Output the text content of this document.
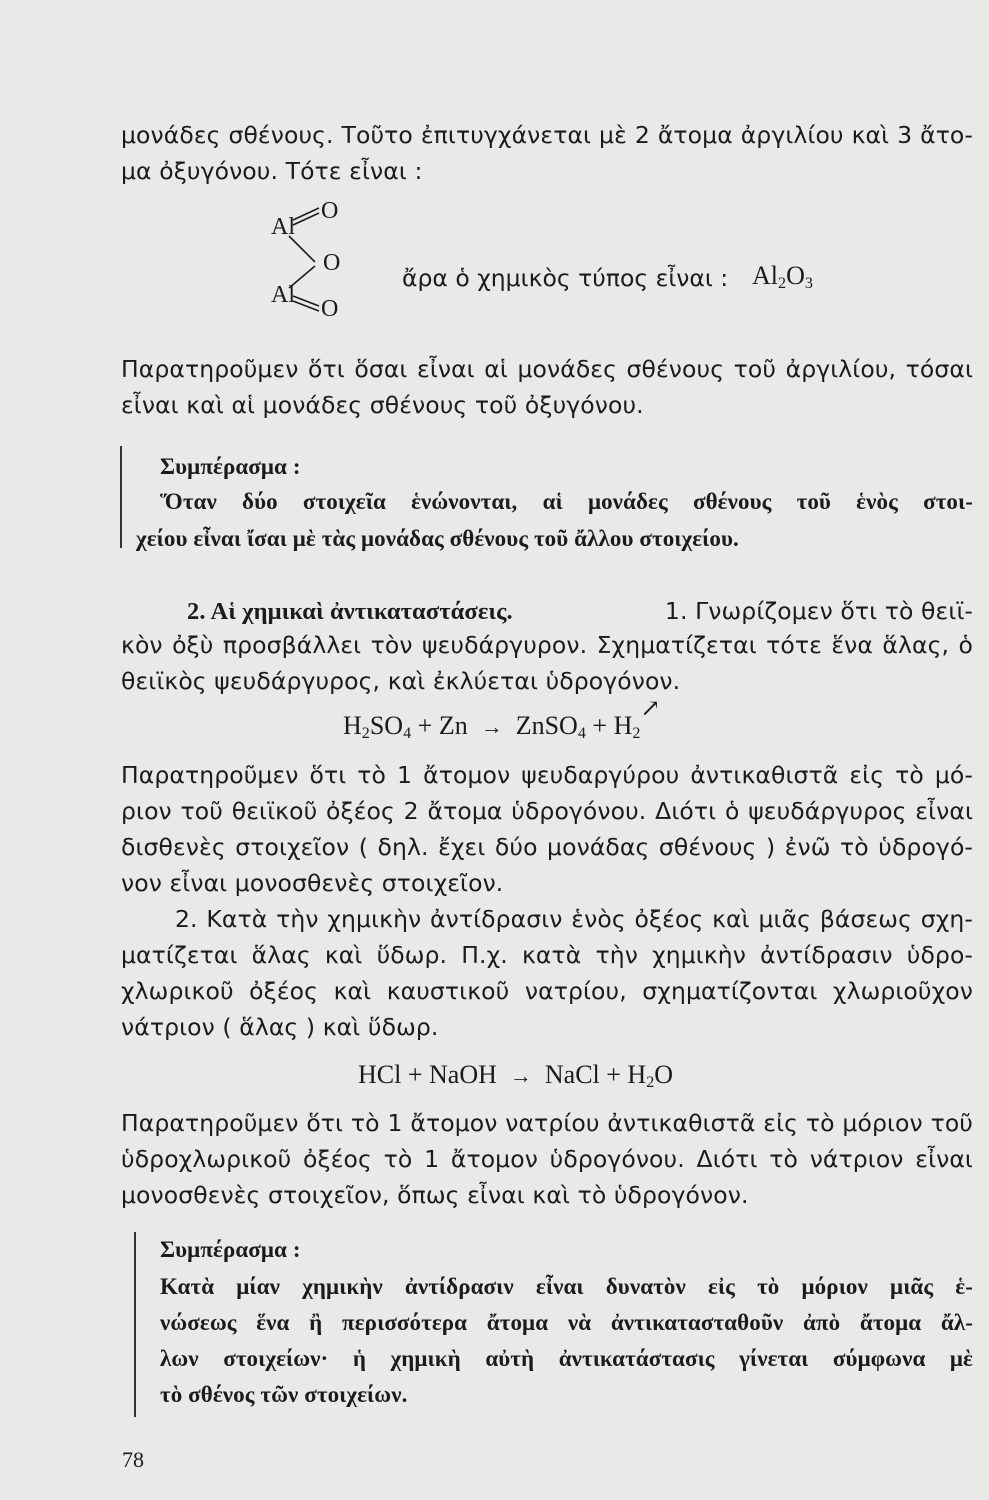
μονάδες σθένους. Τοῦτο ἐπιτυγχάνεται μὲ 2 ἄτομα ἀργιλίου καὶ 3 ἄτο-
μα ὀξυγόνου. Τότε εἶναι :
Al
O
O
Al
O
ἄρα ὁ χημικὸς τύπος εἶναι : $Al_2O_3$
Παρατηροῦμεν ὅτι ὅσαι εἶναι αἱ μονάδες σθένους τοῦ ἀργιλίου, τόσαι
εἶναι καὶ αἱ μονάδες σθένους τοῦ ὀξυγόνου.
Συμπέρασμα :
Ὅταν δύο στοιχεῖα ἑνώνονται, αἱ μονάδες σθένους τοῦ ἑνὸς στοι-
χείου εἶναι ἴσαι μὲ τὰς μονάδας σθένους τοῦ ἄλλου στοιχείου.
2. Αἱ χημικαὶ ἀντικαταστάσεις.	1. Γνωρίζομεν ὅτι τὸ θειϊ-
κὸν ὀξὺ προσβάλλει τὸν ψευδάργυρον. Σχηματίζεται τότε ἕνα ἅλας, ὁ
θειϊκὸς ψευδάργυρος, καὶ ἐκλύεται ὑδρογόνον.
$H_2SO_4 + Zn$ → ZnSO$_4$ + $H_2↗$
Παρατηροῦμεν ὅτι τὸ 1 ἄτομον ψευδαργύρου ἀντικαθιστᾶ εἰς τὸ μό-
ριον τοῦ θειϊκοῦ ὀξέος 2 ἄτομα ὑδρογόνου. Διότι ὁ ψευδάργυρος εἶναι
δισθενὲς στοιχεῖον ( δηλ. ἔχει δύο μονάδας σθένους ) ἐνῶ τὸ ὑδρογό-
νον εἶναι μονοσθενὲς στοιχεῖον.
2. Κατὰ τὴν χημικὴν ἀντίδρασιν ἑνὸς ὀξέος καὶ μιᾶς βάσεως σχη-
ματίζεται ἅλας καὶ ὕδωρ. Π.χ. κατὰ τὴν χημικὴν ἀντίδρασιν ὑδρο-
χλωρικοῦ ὀξέος καὶ καυστικοῦ νατρίου, σχηματίζονται χλωριοῦχον
νάτριον ( ἅλας ) καὶ ὕδωρ.
HCl + NaOH → NaCl + $H_2O$
Παρατηροῦμεν ὅτι τὸ 1 ἄτομον νατρίου ἀντικαθιστᾶ εἰς τὸ μόριον τοῦ
ὑδροχλωρικοῦ ὀξέος τὸ 1 ἄτομον ὑδρογόνου. Διότι τὸ νάτριον εἶναι
μονοσθενὲς στοιχεῖον, ὅπως εἶναι καὶ τὸ ὑδρογόνον.
Συμπέρασμα :
Κατὰ μίαν χημικὴν ἀντίδρασιν εἶναι δυνατὸν εἰς τὸ μόριον μιᾶς ἑ-
νώσεως ἕνα ἢ περισσότερα ἄτομα νὰ ἀντικατασταθοῦν ἀπὸ ἄτομα ἄλ-
λων στοιχείων· ἡ χημικὴ αὐτὴ ἀντικατάστασις γίνεται σύμφωνα μὲ
τὸ σθένος τῶν στοιχείων.
78
